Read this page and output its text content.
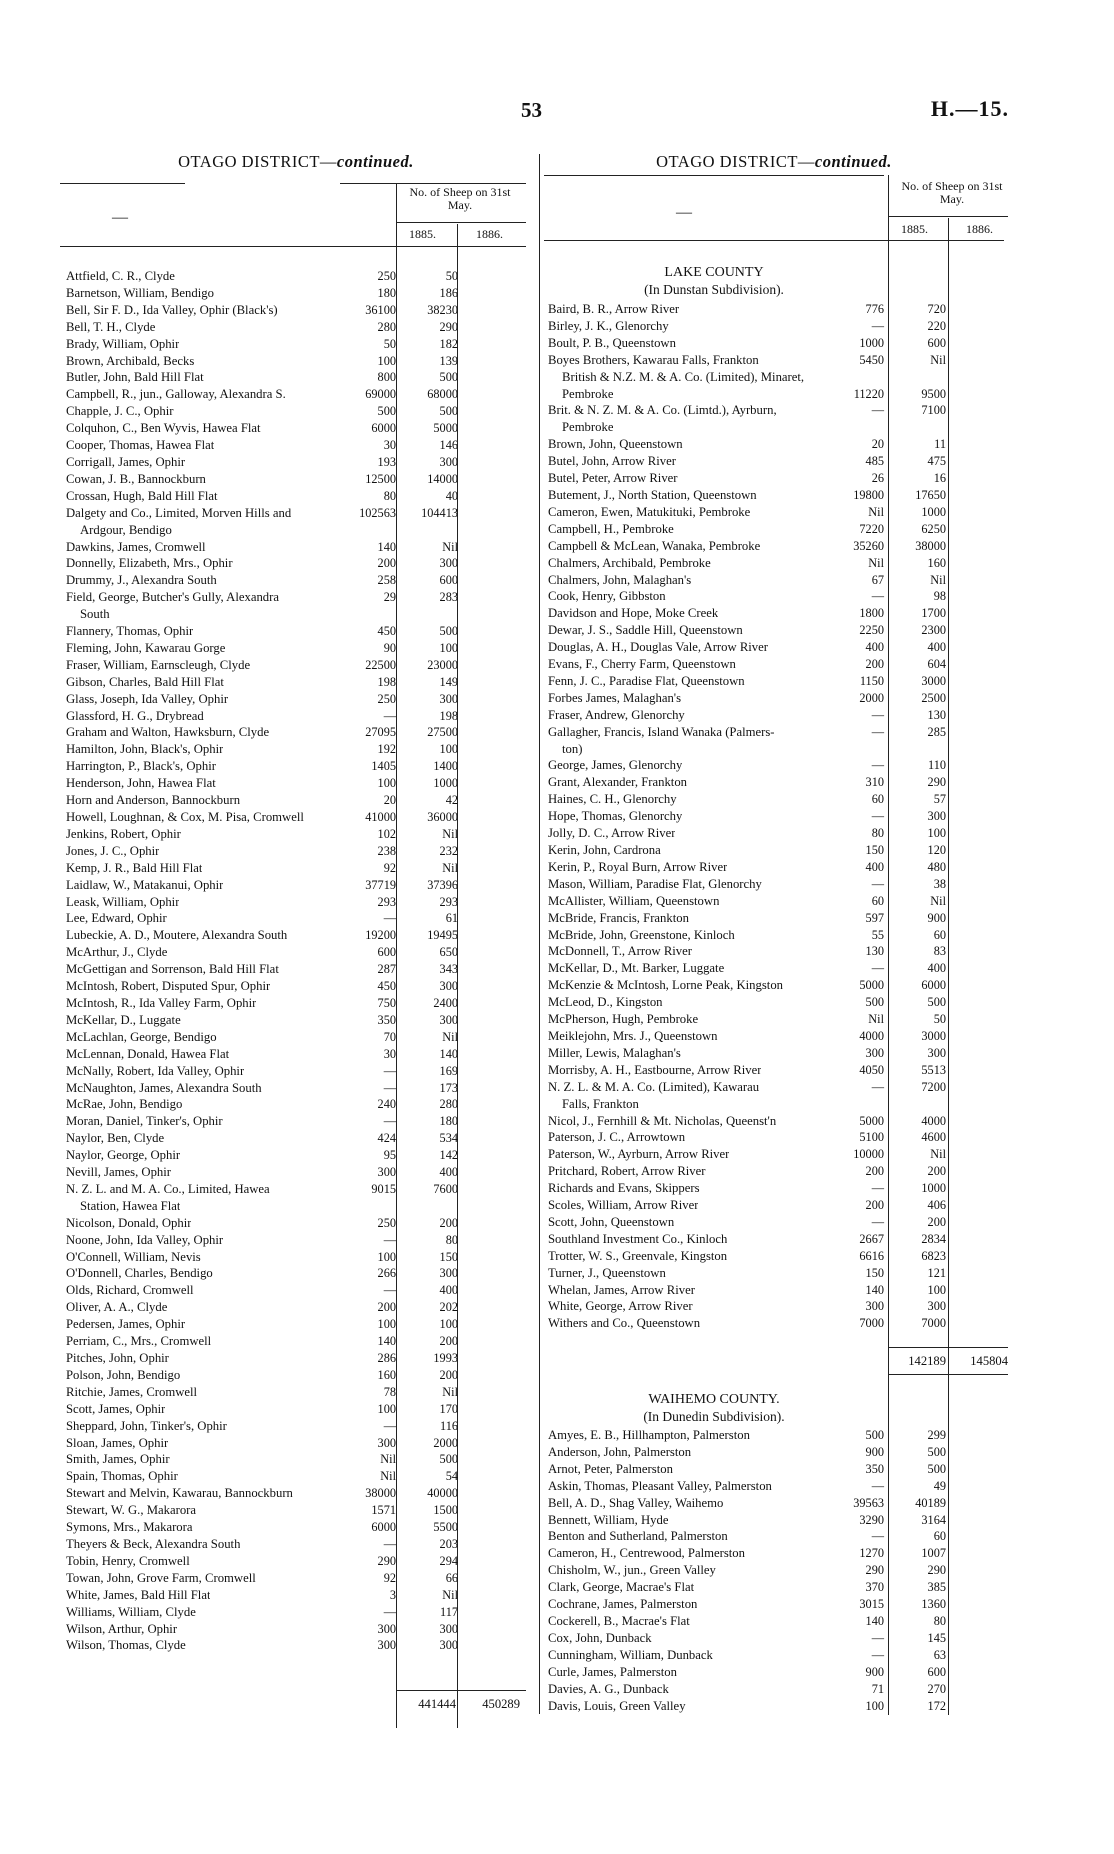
53	H.—15.
OTAGO DISTRICT—continued.
No. of Sheep on 31st May.
—
1885.	1886.
Attfield, C. R., Clyde	250	50
Barnetson, William, Bendigo	180	186
Bell, Sir F. D., Ida Valley, Ophir (Black's)	36100	38230
Bell, T. H., Clyde	280	290
Brady, William, Ophir	50	182
Brown, Archibald, Becks	100	139
Butler, John, Bald Hill Flat	800	500
Campbell, R., jun., Galloway, Alexandra S.	69000	68000
Chapple, J. C., Ophir	500	500
Colquhon, C., Ben Wyvis, Hawea Flat	6000	5000
Cooper, Thomas, Hawea Flat	30	146
Corrigall, James, Ophir	193	300
Cowan, J. B., Bannockburn	12500	14000
Crossan, Hugh, Bald Hill Flat	80	40
Dalgety and Co., Limited, Morven Hills and	102563	104413
Ardgour, Bendigo
Dawkins, James, Cromwell	140	Nil
Donnelly, Elizabeth, Mrs., Ophir	200	300
Drummy, J., Alexandra South	258	600
Field, George, Butcher's Gully, Alexandra	29	283
South
Flannery, Thomas, Ophir	450	500
Fleming, John, Kawarau Gorge	90	100
Fraser, William, Earnscleugh, Clyde	22500	23000
Gibson, Charles, Bald Hill Flat	198	149
Glass, Joseph, Ida Valley, Ophir	250	300
Glassford, H. G., Drybread	—	198
Graham and Walton, Hawksburn, Clyde	27095	27500
Hamilton, John, Black's, Ophir	192	100
Harrington, P., Black's, Ophir	1405	1400
Henderson, John, Hawea Flat	100	1000
Horn and Anderson, Bannockburn	20	42
Howell, Loughnan, & Cox, M. Pisa, Cromwell	41000	36000
Jenkins, Robert, Ophir	102	Nil
Jones, J. C., Ophir	238	232
Kemp, J. R., Bald Hill Flat	92	Nil
Laidlaw, W., Matakanui, Ophir	37719	37396
Leask, William, Ophir	293	293
Lee, Edward, Ophir	—	61
Lubeckie, A. D., Moutere, Alexandra South	19200	19495
McArthur, J., Clyde	600	650
McGettigan and Sorrenson, Bald Hill Flat	287	343
McIntosh, Robert, Disputed Spur, Ophir	450	300
McIntosh, R., Ida Valley Farm, Ophir	750	2400
McKellar, D., Luggate	350	300
McLachlan, George, Bendigo	70	Nil
McLennan, Donald, Hawea Flat	30	140
McNally, Robert, Ida Valley, Ophir	—	169
McNaughton, James, Alexandra South	—	173
McRae, John, Bendigo	240	280
Moran, Daniel, Tinker's, Ophir	—	180
Naylor, Ben, Clyde	424	534
Naylor, George, Ophir	95	142
Nevill, James, Ophir	300	400
N. Z. L. and M. A. Co., Limited, Hawea	9015	7600
Station, Hawea Flat
Nicolson, Donald, Ophir	250	200
Noone, John, Ida Valley, Ophir	—	80
O'Connell, William, Nevis	100	150
O'Donnell, Charles, Bendigo	266	300
Olds, Richard, Cromwell	—	400
Oliver, A. A., Clyde	200	202
Pedersen, James, Ophir	100	100
Perriam, C., Mrs., Cromwell	140	200
Pitches, John, Ophir	286	1993
Polson, John, Bendigo	160	200
Ritchie, James, Cromwell	78	Nil
Scott, James, Ophir	100	170
Sheppard, John, Tinker's, Ophir	—	116
Sloan, James, Ophir	300	2000
Smith, James, Ophir	Nil	500
Spain, Thomas, Ophir	Nil	54
Stewart and Melvin, Kawarau, Bannockburn	38000	40000
Stewart, W. G., Makarora	1571	1500
Symons, Mrs., Makarora	6000	5500
Theyers & Beck, Alexandra South	—	203
Tobin, Henry, Cromwell	290	294
Towan, John, Grove Farm, Cromwell	92	66
White, James, Bald Hill Flat	3	Nil
Williams, William, Clyde	—	117
Wilson, Arthur, Ophir	300	300
Wilson, Thomas, Clyde	300	300
441444	450289
OTAGO DISTRICT—continued.
No. of Sheep on 31st May.
—
1885.	1886.
LAKE COUNTY
(In Dunstan Subdivision).
Baird, B. R., Arrow River	776	720
Birley, J. K., Glenorchy	—	220
Boult, P. B., Queenstown	1000	600
Boyes Brothers, Kawarau Falls, Frankton	5450	Nil
British & N.Z. M. & A. Co. (Limited), Minaret,
Pembroke	11220	9500
Brit. & N. Z. M. & A. Co. (Limtd.), Ayrburn,	—	7100
Pembroke
Brown, John, Queenstown	20	11
Butel, John, Arrow River	485	475
Butel, Peter, Arrow River	26	16
Butement, J., North Station, Queenstown	19800	17650
Cameron, Ewen, Matukituki, Pembroke	Nil	1000
Campbell, H., Pembroke	7220	6250
Campbell & McLean, Wanaka, Pembroke	35260	38000
Chalmers, Archibald, Pembroke	Nil	160
Chalmers, John, Malaghan's	67	Nil
Cook, Henry, Gibbston	—	98
Davidson and Hope, Moke Creek	1800	1700
Dewar, J. S., Saddle Hill, Queenstown	2250	2300
Douglas, A. H., Douglas Vale, Arrow River	400	400
Evans, F., Cherry Farm, Queenstown	200	604
Fenn, J. C., Paradise Flat, Queenstown	1150	3000
Forbes James, Malaghan's	2000	2500
Fraser, Andrew, Glenorchy	—	130
Gallagher, Francis, Island Wanaka (Palmers-	—	285
ton)
George, James, Glenorchy	—	110
Grant, Alexander, Frankton	310	290
Haines, C. H., Glenorchy	60	57
Hope, Thomas, Glenorchy	—	300
Jolly, D. C., Arrow River	80	100
Kerin, John, Cardrona	150	120
Kerin, P., Royal Burn, Arrow River	400	480
Mason, William, Paradise Flat, Glenorchy	—	38
McAllister, William, Queenstown	60	Nil
McBride, Francis, Frankton	597	900
McBride, John, Greenstone, Kinloch	55	60
McDonnell, T., Arrow River	130	83
McKellar, D., Mt. Barker, Luggate	—	400
McKenzie & McIntosh, Lorne Peak, Kingston	5000	6000
McLeod, D., Kingston	500	500
McPherson, Hugh, Pembroke	Nil	50
Meiklejohn, Mrs. J., Queenstown	4000	3000
Miller, Lewis, Malaghan's	300	300
Morrisby, A. H., Eastbourne, Arrow River	4050	5513
N. Z. L. & M. A. Co. (Limited), Kawarau	—	7200
Falls, Frankton
Nicol, J., Fernhill & Mt. Nicholas, Queenst'n	5000	4000
Paterson, J. C., Arrowtown	5100	4600
Paterson, W., Ayrburn, Arrow River	10000	Nil
Pritchard, Robert, Arrow River	200	200
Richards and Evans, Skippers	—	1000
Scoles, William, Arrow River	200	406
Scott, John, Queenstown	—	200
Southland Investment Co., Kinloch	2667	2834
Trotter, W. S., Greenvale, Kingston	6616	6823
Turner, J., Queenstown	150	121
Whelan, James, Arrow River	140	100
White, George, Arrow River	300	300
Withers and Co., Queenstown	7000	7000
142189	145804
WAIHEMO COUNTY.
(In Dunedin Subdivision).
Amyes, E. B., Hillhampton, Palmerston	500	299
Anderson, John, Palmerston	900	500
Arnot, Peter, Palmerston	350	500
Askin, Thomas, Pleasant Valley, Palmerston	—	49
Bell, A. D., Shag Valley, Waihemo	39563	40189
Bennett, William, Hyde	3290	3164
Benton and Sutherland, Palmerston	—	60
Cameron, H., Centrewood, Palmerston	1270	1007
Chisholm, W., jun., Green Valley	290	290
Clark, George, Macrae's Flat	370	385
Cochrane, James, Palmerston	3015	1360
Cockerell, B., Macrae's Flat	140	80
Cox, John, Dunback	—	145
Cunningham, William, Dunback	—	63
Curle, James, Palmerston	900	600
Davies, A. G., Dunback	71	270
Davis, Louis, Green Valley	100	172
